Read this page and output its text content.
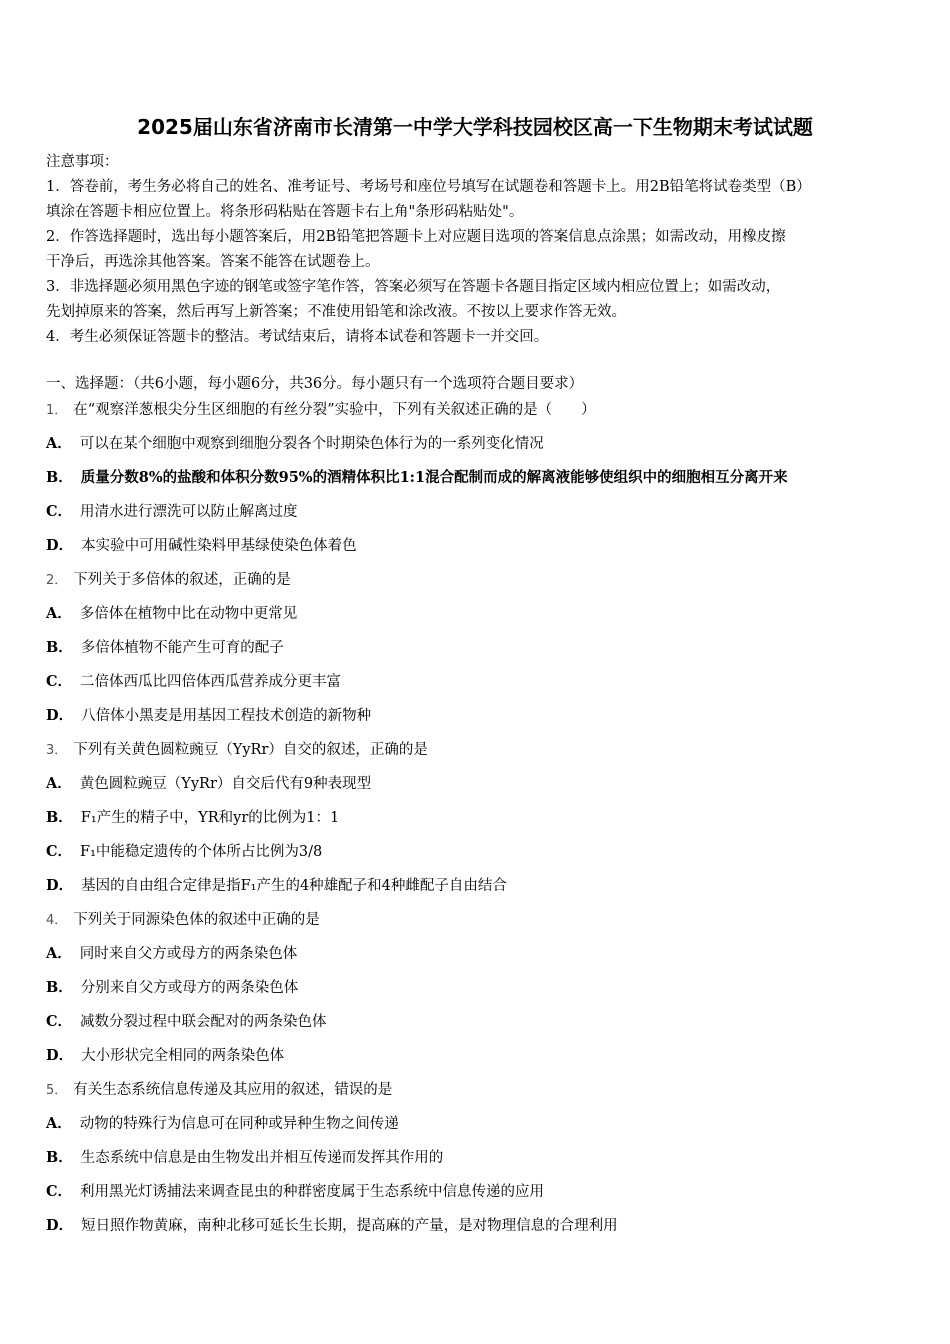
2025届山东省济南市长清第一中学大学科技园校区高一下生物期末考试试题
注意事项：
1．答卷前，考生务必将自己的姓名、准考证号、考场号和座位号填写在试题卷和答题卡上。用2B铅笔将试卷类型（B）
填涂在答题卡相应位置上。将条形码粘贴在答题卡右上角"条形码粘贴处"。
2．作答选择题时，选出每小题答案后，用2B铅笔把答题卡上对应题目选项的答案信息点涂黑；如需改动，用橡皮擦
干净后，再选涂其他答案。答案不能答在试题卷上。
3．非选择题必须用黑色字迹的钢笔或签字笔作答，答案必须写在答题卡各题目指定区域内相应位置上；如需改动，
先划掉原来的答案，然后再写上新答案；不准使用铅笔和涂改液。不按以上要求作答无效。
4．考生必须保证答题卡的整洁。考试结束后，请将本试卷和答题卡一并交回。
一、选择题：（共6小题，每小题6分，共36分。每小题只有一个选项符合题目要求）
1． 在“观察洋葱根尖分生区细胞的有丝分裂”实验中，下列有关叙述正确的是（　　）
A． 可以在某个细胞中观察到细胞分裂各个时期染色体行为的一系列变化情况
B． 质量分数8%的盐酸和体积分数95%的酒精体积比1:1混合配制而成的解离液能够使组织中的细胞相互分离开来
C． 用清水进行漂洗可以防止解离过度
D． 本实验中可用碱性染料甲基绿使染色体着色
2． 下列关于多倍体的叙述，正确的是
A． 多倍体在植物中比在动物中更常见
B． 多倍体植物不能产生可育的配子
C． 二倍体西瓜比四倍体西瓜营养成分更丰富
D． 八倍体小黑麦是用基因工程技术创造的新物种
3． 下列有关黄色圆粒豌豆（YyRr）自交的叙述，正确的是
A． 黄色圆粒豌豆（YyRr）自交后代有9种表现型
B． F₁产生的精子中，YR和yr的比例为1：1
C． F₁中能稳定遗传的个体所占比例为3/8
D． 基因的自由组合定律是指F₁产生的4种雄配子和4种雌配子自由结合
4． 下列关于同源染色体的叙述中正确的是
A． 同时来自父方或母方的两条染色体
B． 分别来自父方或母方的两条染色体
C． 减数分裂过程中联会配对的两条染色体
D． 大小形状完全相同的两条染色体
5． 有关生态系统信息传递及其应用的叙述，错误的是
A． 动物的特殊行为信息可在同种或异种生物之间传递
B． 生态系统中信息是由生物发出并相互传递而发挥其作用的
C． 利用黑光灯诱捕法来调查昆虫的种群密度属于生态系统中信息传递的应用
D． 短日照作物黄麻，南种北移可延长生长期，提高麻的产量，是对物理信息的合理利用
